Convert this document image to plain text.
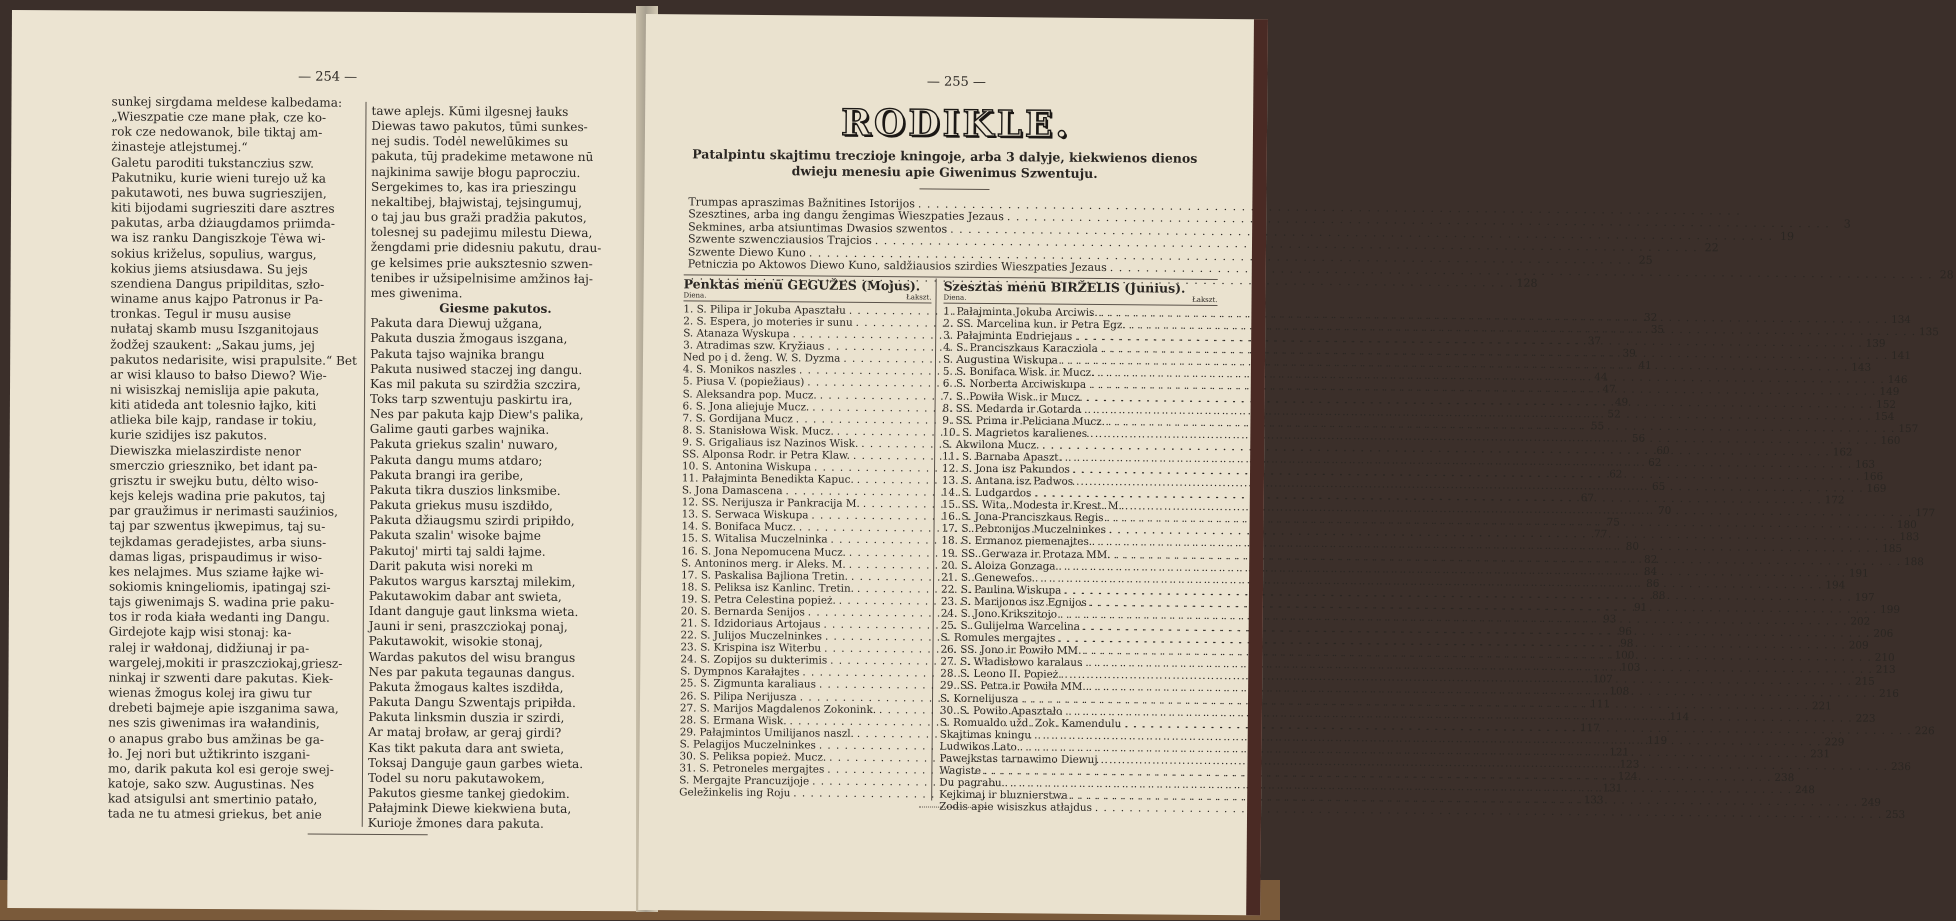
— 254 —

sunkej sirgdama meldese kalbedama:

„Wieszpatie cze mane płak, cze ko-

rok cze nedowanok, bile tiktaj am-

żinasteje atlejstumej.“

Galetu paroditi tukstanczius szw.

Pakutniku, kurie wieni turejo už ka

pakutawoti, nes buwa sugrieszijen,

kiti bijodami sugriesziti dare asztres

pakutas, arba dżiaugdamos priimda-

wa isz ranku Dangiszkoje Tėwa wi-

sokius križelus, sopulius, wargus,

kokius jiems atsiusdawa. Su jejs

szendiena Dangus pripilditas, szło-

winame anus kajpo Patronus ir Pa-

tronkas. Tegul ir musu ausise

nułataj skamb musu Iszganitojaus

žodžej szaukent: „Sakau jums, jej

pakutos nedarisite, wisi prapulsite.“ Bet

ar wisi klauso to bałso Diewo? Wie-

ni wisiszkaj nemislija apie pakuta,

kiti atideda ant tolesnio łajko, kiti

atlieka bile kajp, randase ir tokiu,

kurie szidijes isz pakutos.

Diewiszka mielaszirdiste nenor

smerczio griesznikо, bet idant pa-

grisztu ir swejku butu, dėlto wiso-

kejs kelejs wadina prie pakutos, taj

par graužimus ir nerimasti sauźinios,

taj par szwentus įkwepimus, taj su-

tejkdamas geradejistes, arba siuns-

damas ligas, prispaudimus ir wiso-

kes nelajmes. Mus sziame łajke wi-

sokiomis kningeliomis, ipatingaj szi-

tajs giwenimajs S. wadina prie paku-

tos ir roda kiała wedanti ing Dangu.

Girdejote kajp wisi stonaj: ka-

ralej ir wałdonaj, didžiunaj ir pa-

wargelej,mokiti ir praszcziokaj,griesz-

ninkaj ir szwenti dare pakutas. Kiek-

wienas žmogus kolej ira giwu tur

drebeti bajmeje apie iszganima sawa,

nes szis giwenimas ira wałandinis,

o anapus grabo bus amžinas be ga-

ło. Jej nori but užtikrinto iszgani-

mo, darik pakuta kol esi geroje swej-

katoje, sako szw. Augustinas. Nes

kad atsigulsi ant smertinio patało,

tada ne tu atmesi griekus, bet anie

tawe aplejs. Kūmi ilgesnej łauks

Diewas tawo pakutos, tūmi sunkes-

nej sudis. Todėl newelūkimes su

pakuta, tūj pradekime metawone nū

najkinima sawije błogu paprocziu.

Sergekimes to, kas ira prieszingu

nekaltibej, błajwistaj, tejsingumuj,

o taj jau bus graži pradžia pakutos,

tolesnej su padejimu milestu Diewa,

žengdami prie didesniu pakutu, drau-

ge kelsimes prie auksztesnio szwen-

tenibes ir užsipelnisime amžinos łaj-

mes giwenima.

Giesme pakutos.

Pakuta dara Diewuj užgana,

Pakuta duszia žmogaus iszgana,

Pakuta tajso wajnika brangu

Pakuta nusiwed staczej ing dangu.

Kas mil pakuta su szirdžia szczira,

Toks tarp szwentuju paskirtu ira,

Nes par pakuta kajp Diew's palika,

Galime gauti garbes wajnika.

Pakuta griekus szalin' nuwaro,

Pakuta dangu mums atdaro;

Pakuta brangi ira geribe,

Pakuta tikra duszios linksmibe.

Pakuta griekus musu iszdiłdo,

Pakuta džiaugsmu szirdi pripiłdo,

Pakuta szalin' wisoke bajme

Pakutoj' mirti taj saldi łajme.

Darit pakuta wisi noreki m

Pakutos wargus karsztaj milekim,

Pakutawokim dabar ant swieta,

Idant danguje gaut linksma wieta.

Jauni ir seni, praszcziokaj ponaj,

Pakutawokit, wisokie stonaj,

Wardas pakutos del wisu brangus

Nes par pakuta tegaunas dangus.

Pakuta žmogaus kaltes iszdiłda,

Pakuta Dangu Szwentajs pripiłda.

Pakuta linksmin duszia ir szirdi,

Ar mataj broław, ar geraj girdi?

Kas tikt pakuta dara ant swieta,

Toksaj Danguje gaun garbes wieta.

Todel su noru pakutawokem,

Pakutos giesme tankej giedokim.

Pałajmink Diewe kiekwiena buta,

Kurioje žmones dara pakuta.

— 255 —
RODIKLE.
Patalpintu skajtimu trecziojе kningoje, arba 3 dalyje, kiekwienos dienos dwieju menesiu apie Giwenimus Szwentuju.
Trumpas apraszimas Bažnitines Istorijos
. . .
Szesztines, arba ing dangu žengimas Wieszpaties Jezaus
. . .
3
Sekmines, arba atsiuntimas Dwasios szwentos
. . .
19
Szwente szwencziausios Trajcios
. . .
22
Szwente Diewo Kuno
. . .
25
Petniczia po Aktowos Diewo Kuno, saldžiausios szirdies Wieszpaties Jezaus
. . .
28
. . .
128
Penktas menū GEGUŽES (Mojus).
Diena.	Łakszt.
1. S. Pilipa ir Jokuba Apaształu
. . .
32
2. S. Espera, jo moteries ir sunu
. . .
35
S. Atanaza Wyskupa
. . .
37
3. Atradimas szw. Kryžiaus
. . .
39
Ned po į d. ženg. W. S. Dyzma
. . .
41
4. S. Monikos naszles
. . .
44
5. Piusa V. (popiežiaus)
. . .
47
S. Aleksandra pop. Mucz.
. . .
49
6. S. Jona aliejuje Mucz.
. . .
52
7. S. Gordijana Mucz
. . .
55
8. S. Stanisłowa Wisk. Mucz.
. . .
56
9. S. Grigaliaus isz Nazinos Wisk.
. . .
60
SS. Alponsa Rodr. ir Petra Klaw.
. . .
62
10. S. Antonina Wiskupa
. . .
62
11. Pałajminta Benedikta Kapuc.
. . .
65
S. Jona Damascena
. . .
67
12. SS. Nerijusza ir Pankracija M.
. . .
70
13. S. Serwaca Wiskupa
. . .
75
14. S. Bonifaca Mucz.
. . .
77
15. S. Witalisa Muczelninka
. . .
80
16. S. Jona Nepomucena Mucz.
. . .
82
S. Antoninos merg. ir Aleks. M.
. . .
84
17. S. Paskalisa Bajliona Tretin.
. . .
86
18. S. Peliksa isz Kanlinc. Tretin.
. . .
88
19. S. Petra Celestina popież.
. . .
91
20. S. Bernarda Senijos
. . .
93
21. S. Idzidoriaus Artojaus
. . .
96
22. S. Julijos Muczelninkes
. . .
98
23. S. Krispina isz Witerbu
. . .
100
24. S. Zopijos su dukterimis
. . .
103
S. Dympnos Karałajtes
. . .
107
25. S. Zigmunta karaliaus
. . .
108
26. S. Pilipa Nerijusza
. . .
111
27. S. Marijos Magdalenos Zokonink.
. . .
114
28. S. Ermana Wisk.
. . .
117
29. Pałajmintos Umilijanos naszl.
. . .
119
S. Pelagijos Muczelninkes
. . .
121
30. S. Peliksa popież. Mucz.
. . .
123
31. S. Petroneles mergajtes
. . .
124
S. Mergajte Prancuzijoje
. . .
131
Geležinkelis ing Roju
. . .
133
Szesztas menū BIRŽELIS (Junius).
Diena.	Łakszt.
1. Pałajminta Jokuba Arciwis.
. . .
134
2. SS. Marcelina kun. ir Petra Egz.
. . .
135
3. Pałajmintа Endriejaus
. . .
139
4. S. Pranciszkaus Karacziola
. . .
141
S. Augustina Wiskupa
. . .
143
5. S. Bonifaca Wisk. ir Mucz.
. . .
146
6. S. Norberta Arciwiskupa
. . .
149
7. S. Powiła Wisk. ir Mucz.
. . .
152
8. SS. Medarda ir Gotarda
. . .
154
9. SS. Prima ir Peliciana Mucz.
. . .
157
10. S. Magrietos karalienes
. . .
160
S. Akwilona Mucz.
. . .
162
11. S. Barnaba Apaszt.
. . .
163
12. S. Jona isz Pakundos
. . .
166
13. S. Antana isz Padwos
. . .
169
14. S. Ludgardos
. . .
172
15. SS. Wita, Modesta ir Krest. M.
. . .
177
16. S. Jona-Pranciszkaus Regis
. . .
180
17. S. Pebronijos Muczelninkes
. . .
183
18. S. Ermanoz piemenajtes
. . .
185
19. SS. Gerwaza ir Protaza MM.
. . .
188
20. S. Aloiza Gonzaga
. . .
191
21. S. Genewefos
. . .
194
22. S. Paulina Wiskupa
. . .
197
23. S. Marijonos isz Egnijos
. . .
199
24. S. Jono Krikszitojo
. . .
202
25. S. Gulijelma Warcelina
. . .
206
S. Romules mergajtes
. . .
209
26. SS. Jono ir Powiło MM.
. . .
210
27. S. Władisłowo karalaus
. . .
213
28. S. Leono II. Popież.
. . .
215
29. SS. Petra ir Powiła MM.
. . .
216
S. Kornelijusza
. . .
221
30. S. Powiło Apaształo
. . .
223
S. Romualdo užd. Zok. Kamendulu
. . .
226
Skajtimas kningu
. . .
229
Ludwikos Lato
. . .
231
Pawejkstas tarnawimo Diewuj
. . .
236
Wagiste
. . .
238
Du pagrabu
. . .
248
Kejkimaj ir bluznierstwa
. . .
249
Zodis apie wisiszkus atłajdus
. . .
253
